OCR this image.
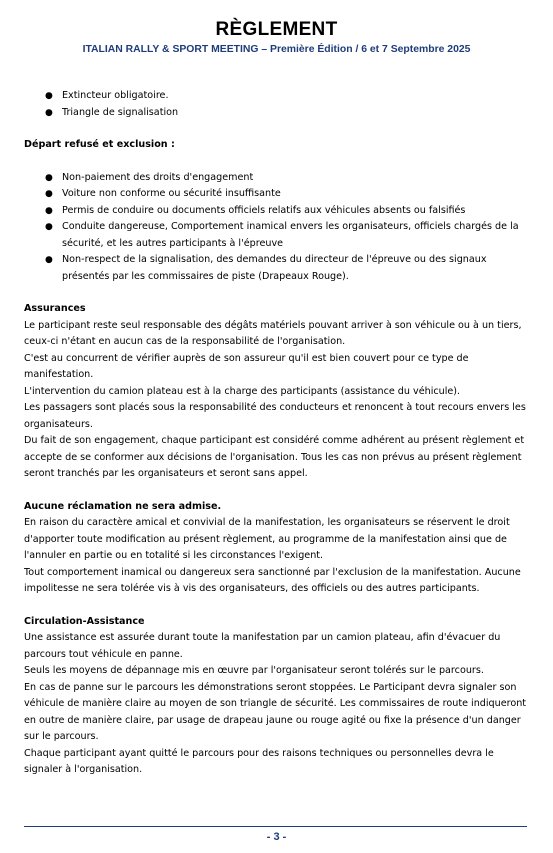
RÈGLEMENT
ITALIAN RALLY & SPORT MEETING – Première Édition / 6 et 7 Septembre 2025
● Extincteur obligatoire.
● Triangle de signalisation

Départ refusé et exclusion :

● Non-paiement des droits d'engagement
● Voiture non conforme ou sécurité insuffisante
● Permis de conduire ou documents officiels relatifs aux véhicules absents ou falsifiés
● Conduite dangereuse, Comportement inamical envers les organisateurs, officiels chargés de la sécurité, et les autres participants à l'épreuve
● Non-respect de la signalisation, des demandes du directeur de l'épreuve ou des signaux présentés par les commissaires de piste (Drapeaux Rouge).

Assurances

Le participant reste seul responsable des dégâts matériels pouvant arriver à son véhicule ou à un tiers, ceux-ci n'étant en aucun cas de la responsabilité de l'organisation.

C'est au concurrent de vérifier auprès de son assureur qu'il est bien couvert pour ce type de manifestation.

L'intervention du camion plateau est à la charge des participants (assistance du véhicule).

Les passagers sont placés sous la responsabilité des conducteurs et renoncent à tout recours envers les organisateurs.

Du fait de son engagement, chaque participant est considéré comme adhérent au présent règlement et accepte de se conformer aux décisions de l'organisation. Tous les cas non prévus au présent règlement seront tranchés par les organisateurs et seront sans appel.

Aucune réclamation ne sera admise.

En raison du caractère amical et convivial de la manifestation, les organisateurs se réservent le droit d'apporter toute modification au présent règlement, au programme de la manifestation ainsi que de l'annuler en partie ou en totalité si les circonstances l'exigent.

Tout comportement inamical ou dangereux sera sanctionné par l'exclusion de la manifestation. Aucune impolitesse ne sera tolérée vis à vis des organisateurs, des officiels ou des autres participants.

Circulation-Assistance

Une assistance est assurée durant toute la manifestation par un camion plateau, afin d'évacuer du parcours tout véhicule en panne.

Seuls les moyens de dépannage mis en œuvre par l'organisateur seront tolérés sur le parcours.

En cas de panne sur le parcours les démonstrations seront stoppées. Le Participant devra signaler son véhicule de manière claire au moyen de son triangle de sécurité. Les commissaires de route indiqueront en outre de manière claire, par usage de drapeau jaune ou rouge agité ou fixe la présence d'un danger sur le parcours.

Chaque participant ayant quitté le parcours pour des raisons techniques ou personnelles devra le signaler à l'organisation.

- 3 -
